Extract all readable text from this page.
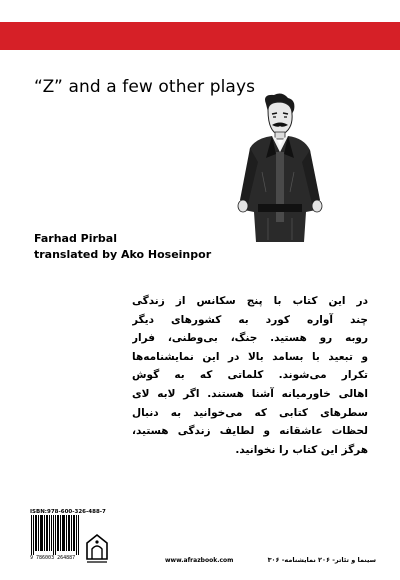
“Z” and a few other plays
Farhad Pirbal
translated by Ako Hoseinpor
در این کتاب با پنج سکانس از زندگی
چند آواره کورد به کشورهای دیگر
روبه رو هستید. جنگ، بی‌وطنی، فرار
و تبعید با بسامد بالا در این نمایشنامه‌ها
تکرار می‌شوند. کلماتی که به گوش
اهالی خاورمیانه آشنا هستند. اگر لابه لای
سطرهای کتابی که می‌خوانید به دنبال
لحظات عاشقانه و لطایف زندگی هستید،
هرگز این کتاب را نخوانید.
ISBN:978-600-326-488-7
9 786003 264887	www.afrazbook.com	سینما و تئاتر- ۲۰۶ نمایشنامه- ۳۰۶
